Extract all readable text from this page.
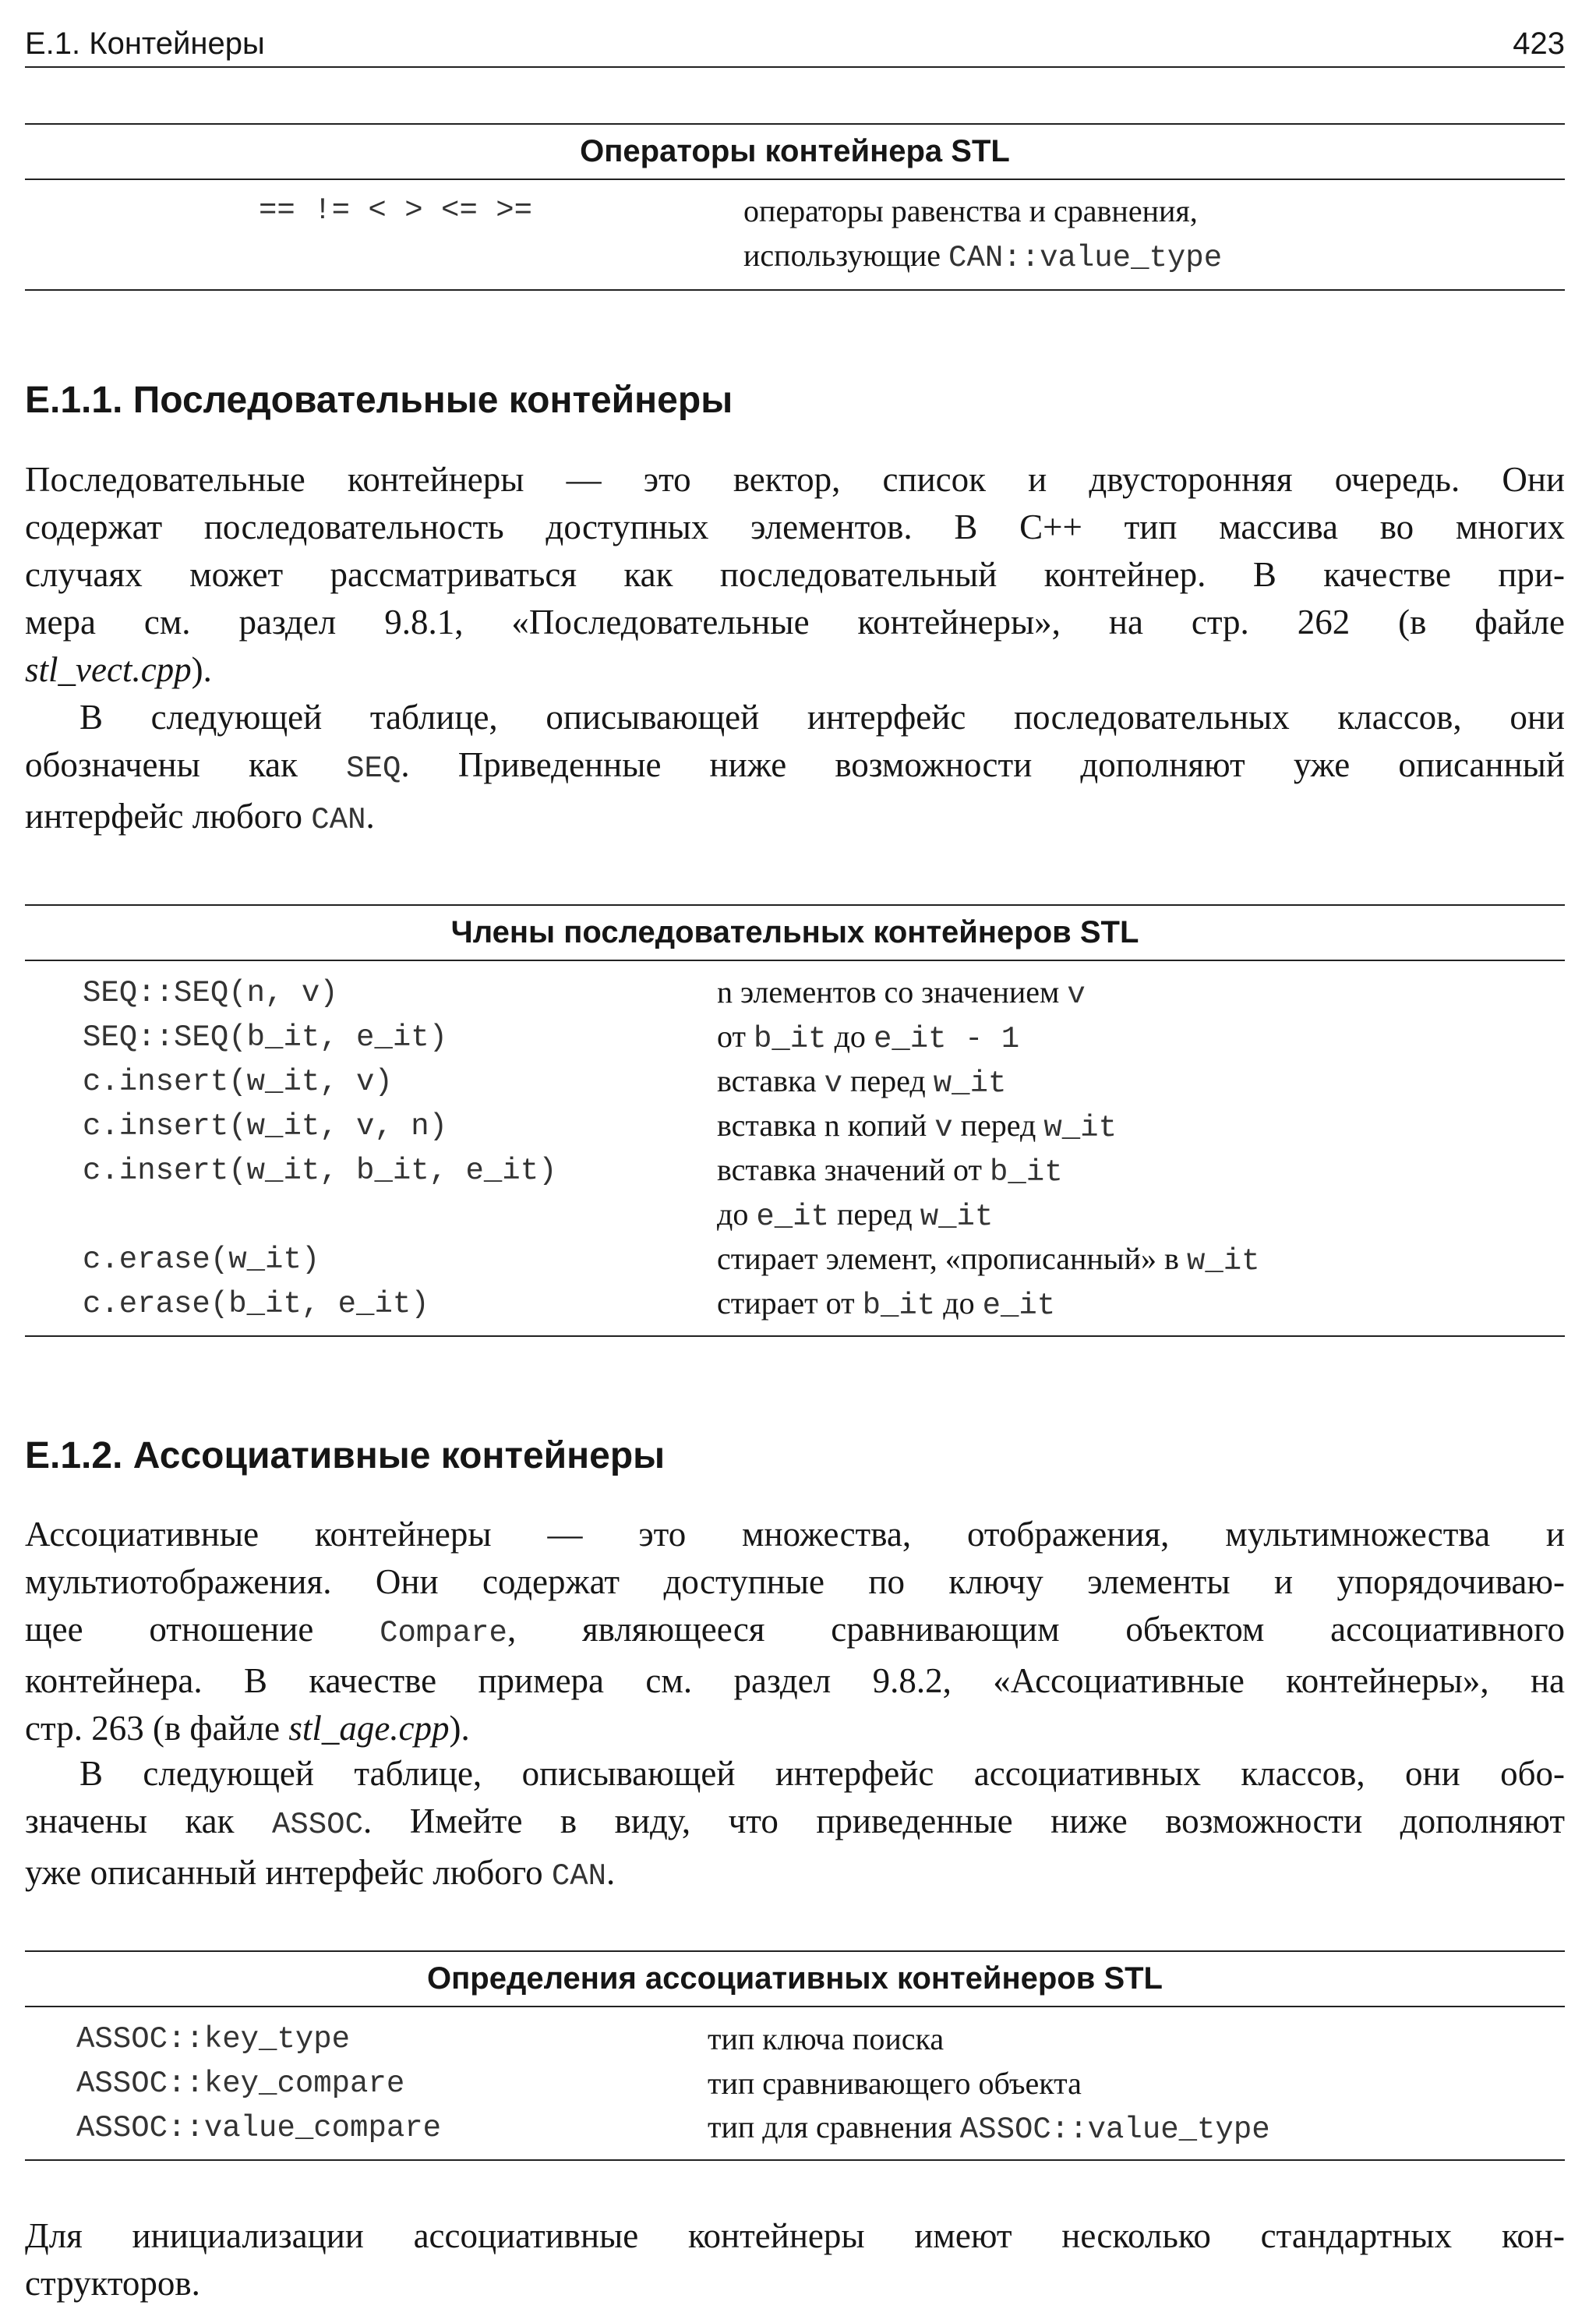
Е.1. Контейнеры	423
Операторы контейнера STL
== != < > <= >=	операторы равенства и сравнения,
использующие CAN::value_type
Е.1.1. Последовательные контейнеры
Последовательные контейнеры — это вектор, список и двусторонняя очередь. Они
содержат последовательность доступных элементов. В C++ тип массива во многих
случаях может рассматриваться как последовательный контейнер. В качестве при-
мера см. раздел 9.8.1, «Последовательные контейнеры», на стр. 262 (в файле
stl_vect.cpp).
В следующей таблице, описывающей интерфейс последовательных классов, они
обозначены как SEQ. Приведенные ниже возможности дополняют уже описанный
интерфейс любого CAN.
Члены последовательных контейнеров STL
SEQ::SEQ(n, v)	n элементов со значением v
SEQ::SEQ(b_it, e_it)	от b_it до e_it - 1
c.insert(w_it, v)	вставка v перед w_it
c.insert(w_it, v, n)	вставка n копий v перед w_it
c.insert(w_it, b_it, e_it)	вставка значений от b_it
до e_it перед w_it
c.erase(w_it)	стирает элемент, «прописанный» в w_it
c.erase(b_it, e_it)	стирает от b_it до e_it
Е.1.2. Ассоциативные контейнеры
Ассоциативные контейнеры — это множества, отображения, мультимножества и
мультиотображения. Они содержат доступные по ключу элементы и упорядочиваю-
щее отношение Compare, являющееся сравнивающим объектом ассоциативного
контейнера. В качестве примера см. раздел 9.8.2, «Ассоциативные контейнеры», на
стр. 263 (в файле stl_age.cpp).
В следующей таблице, описывающей интерфейс ассоциативных классов, они обо-
значены как ASSOC. Имейте в виду, что приведенные ниже возможности дополняют
уже описанный интерфейс любого CAN.
Определения ассоциативных контейнеров STL
ASSOC::key_type	тип ключа поиска
ASSOC::key_compare	тип сравнивающего объекта
ASSOC::value_compare	тип для сравнения ASSOC::value_type
Для инициализации ассоциативные контейнеры имеют несколько стандартных кон-
структоров.
